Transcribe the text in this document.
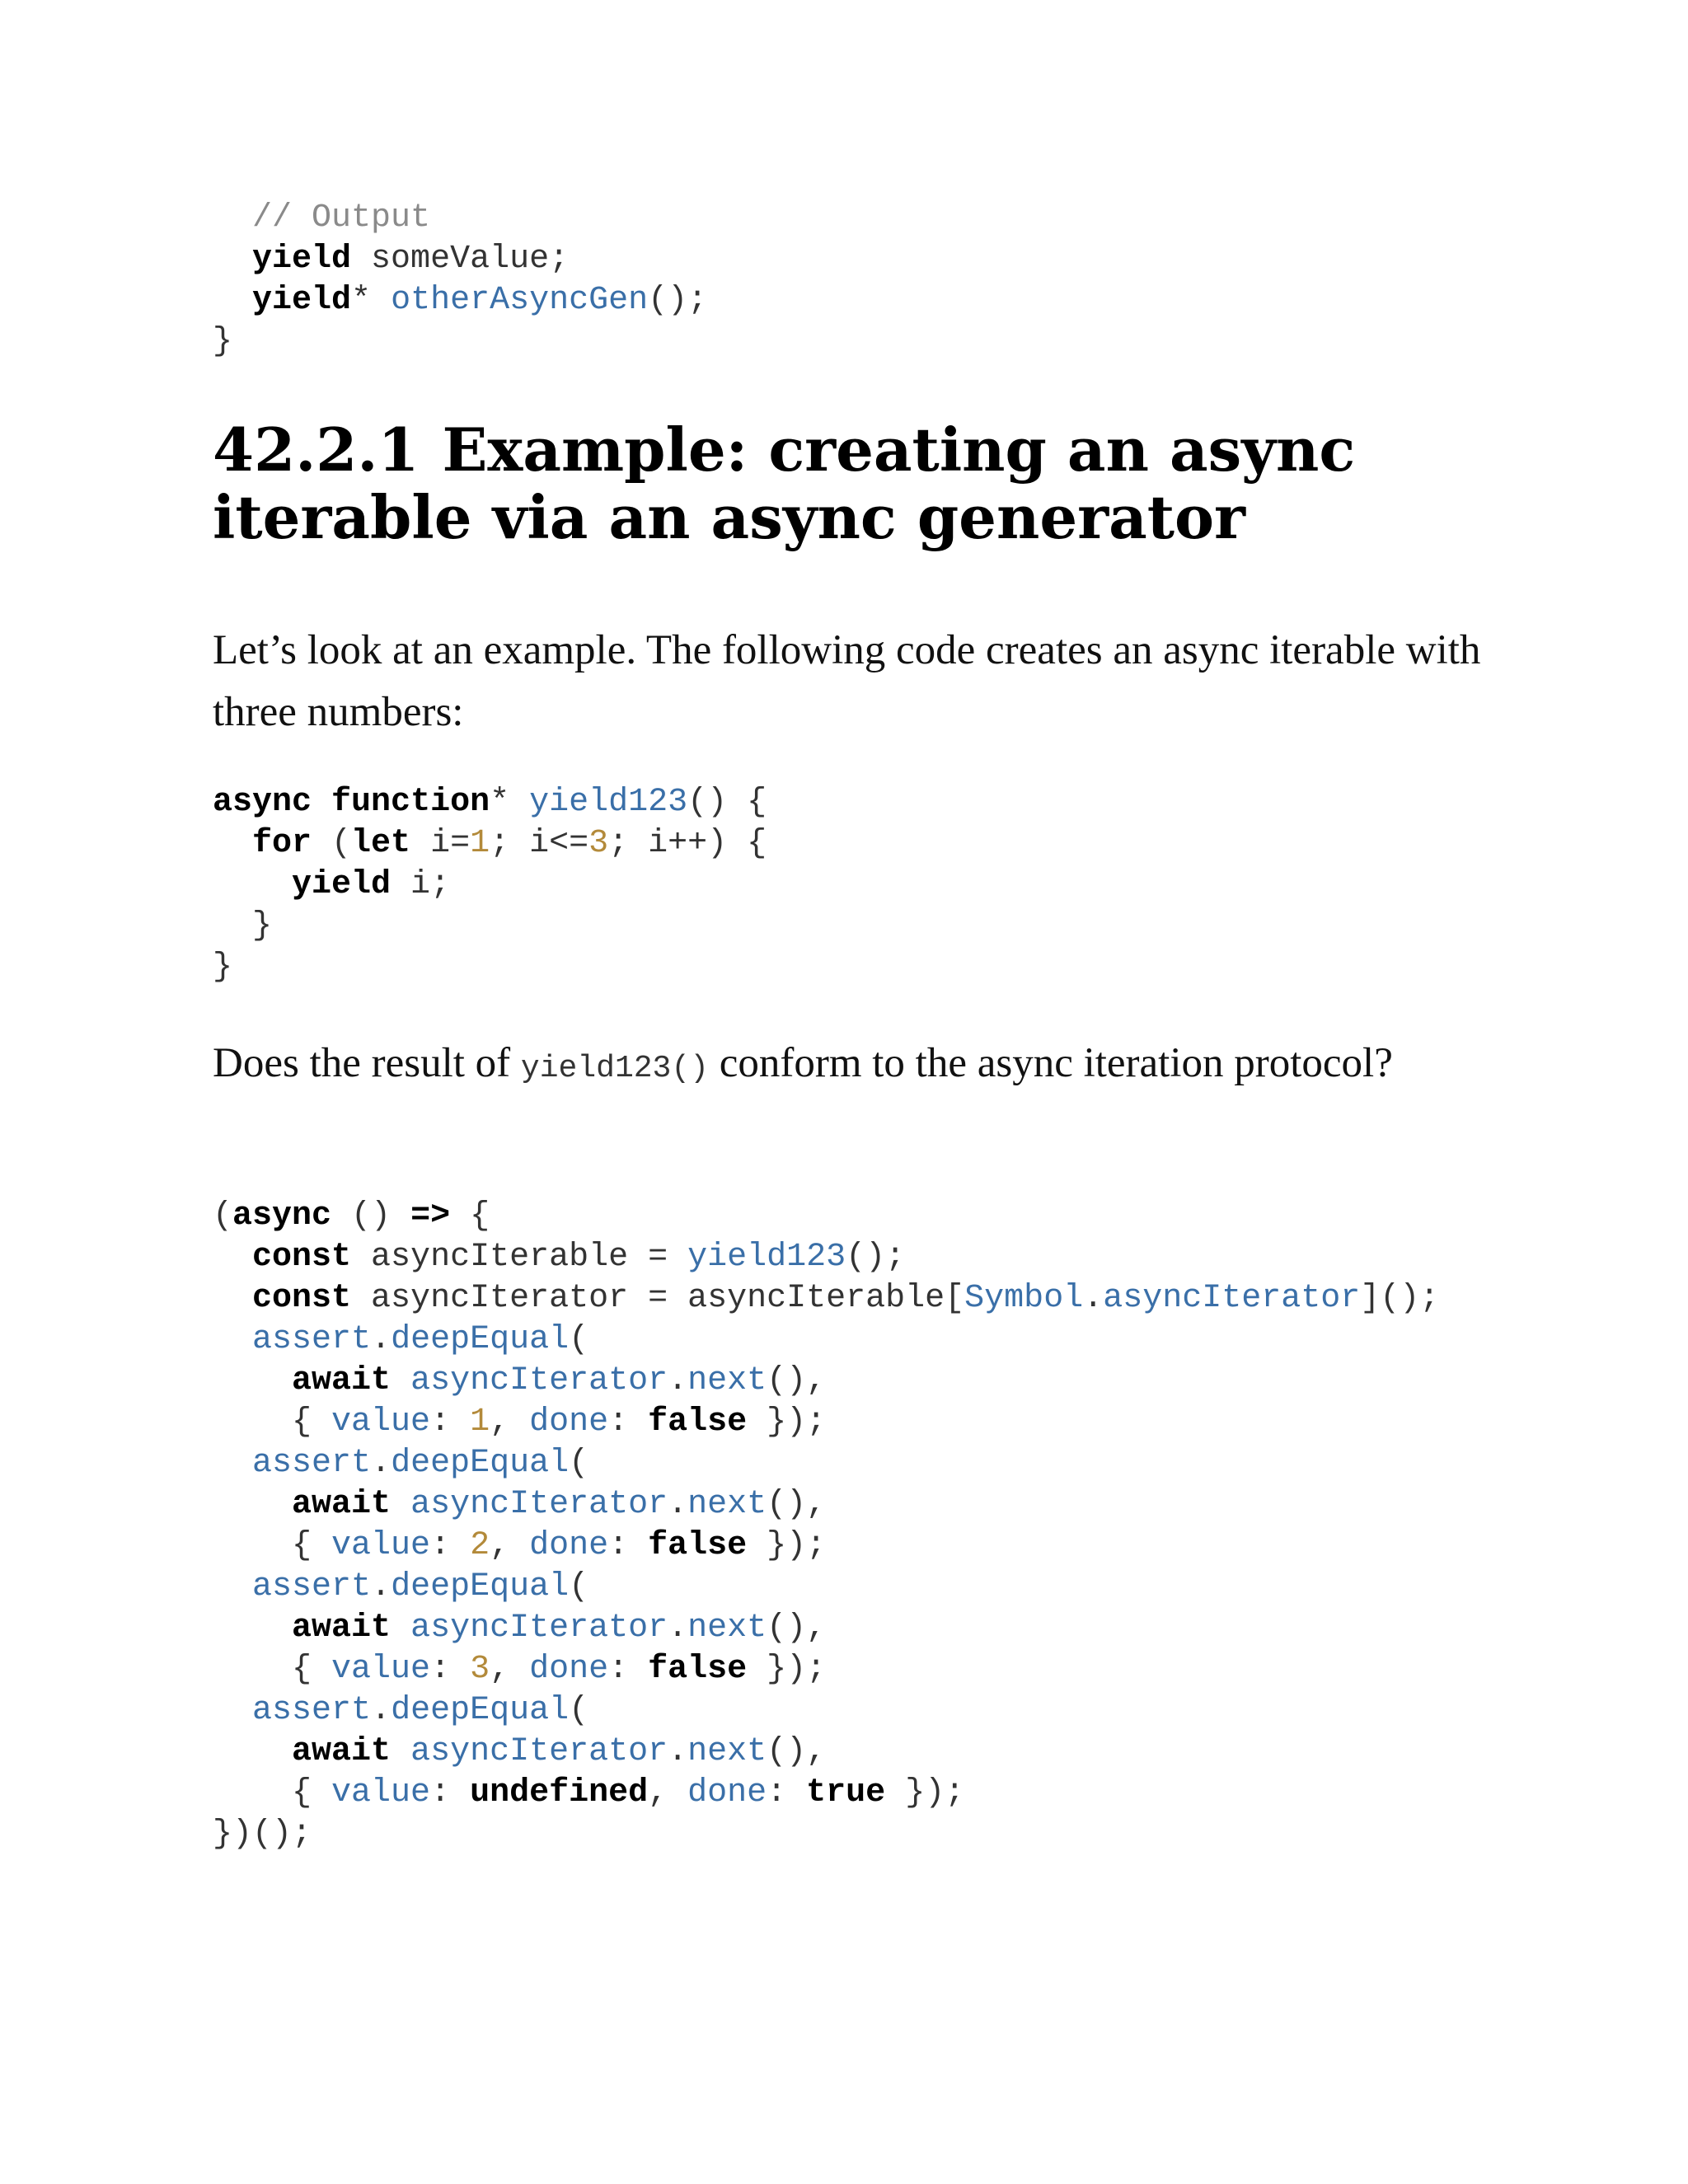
// Output
yield someValue;
yield* otherAsyncGen();
}
42.2.1 Example: creating an async iterable via an async generator

Let’s look at an example. The following code creates an async iterable with three numbers:

async function* yield123() {
for (let i=1; i<=3; i++) {
yield i;
}
}

Does the result of yield123() conform to the async iteration protocol?

(async () => {
const asyncIterable = yield123();
const asyncIterator = asyncIterable[Symbol.asyncIterator]();
assert.deepEqual(
await asyncIterator.next(),
{ value: 1, done: false });
assert.deepEqual(
await asyncIterator.next(),
{ value: 2, done: false });
assert.deepEqual(
await asyncIterator.next(),
{ value: 3, done: false });
assert.deepEqual(
await asyncIterator.next(),
{ value: undefined, done: true });
})();
